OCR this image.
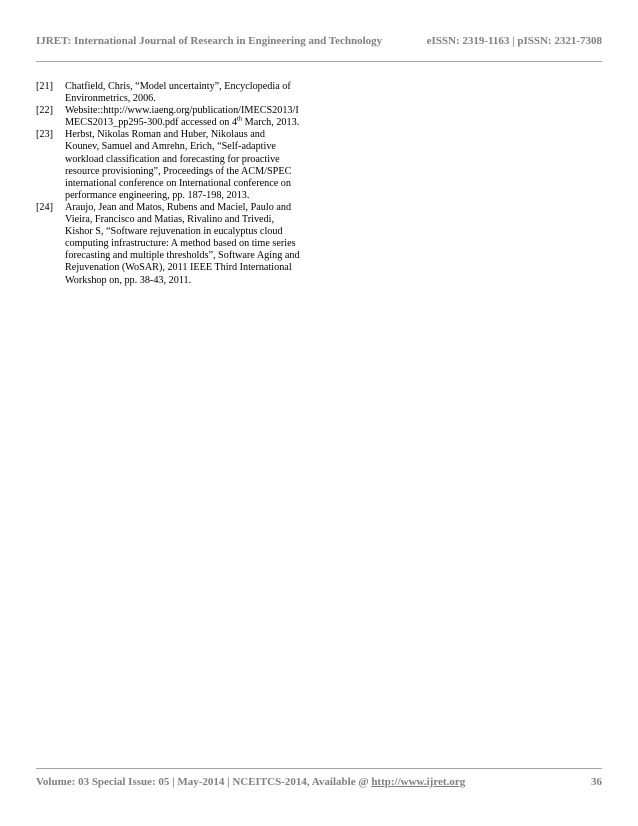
IJRET: International Journal of Research in Engineering and Technology	eISSN: 2319-1163 | pISSN: 2321-7308
[21]	Chatfield, Chris, “Model uncertainty”, Encyclopedia of
Environmetrics, 2006.
[22]	Website::http://www.iaeng.org/publication/IMECS2013/I
MECS2013_pp295-300.pdf accessed on 4th March, 2013.
[23]	Herbst, Nikolas Roman and Huber, Nikolaus and
Kounev, Samuel and Amrehn, Erich, “Self-adaptive
workload classification and forecasting for proactive
resource provisioning”, Proceedings of the ACM/SPEC
international conference on International conference on
performance engineering, pp. 187-198, 2013.
[24]	Araujo, Jean and Matos, Rubens and Maciel, Paulo and
Vieira, Francisco and Matias, Rivalino and Trivedi,
Kishor S, “Software rejuvenation in eucalyptus cloud
computing infrastructure: A method based on time series
forecasting and multiple thresholds”, Software Aging and
Rejuvenation (WoSAR), 2011 IEEE Third International
Workshop on, pp. 38-43, 2011.
Volume: 03 Special Issue: 05 | May-2014 | NCEITCS-2014, Available @ http://www.ijret.org	36
